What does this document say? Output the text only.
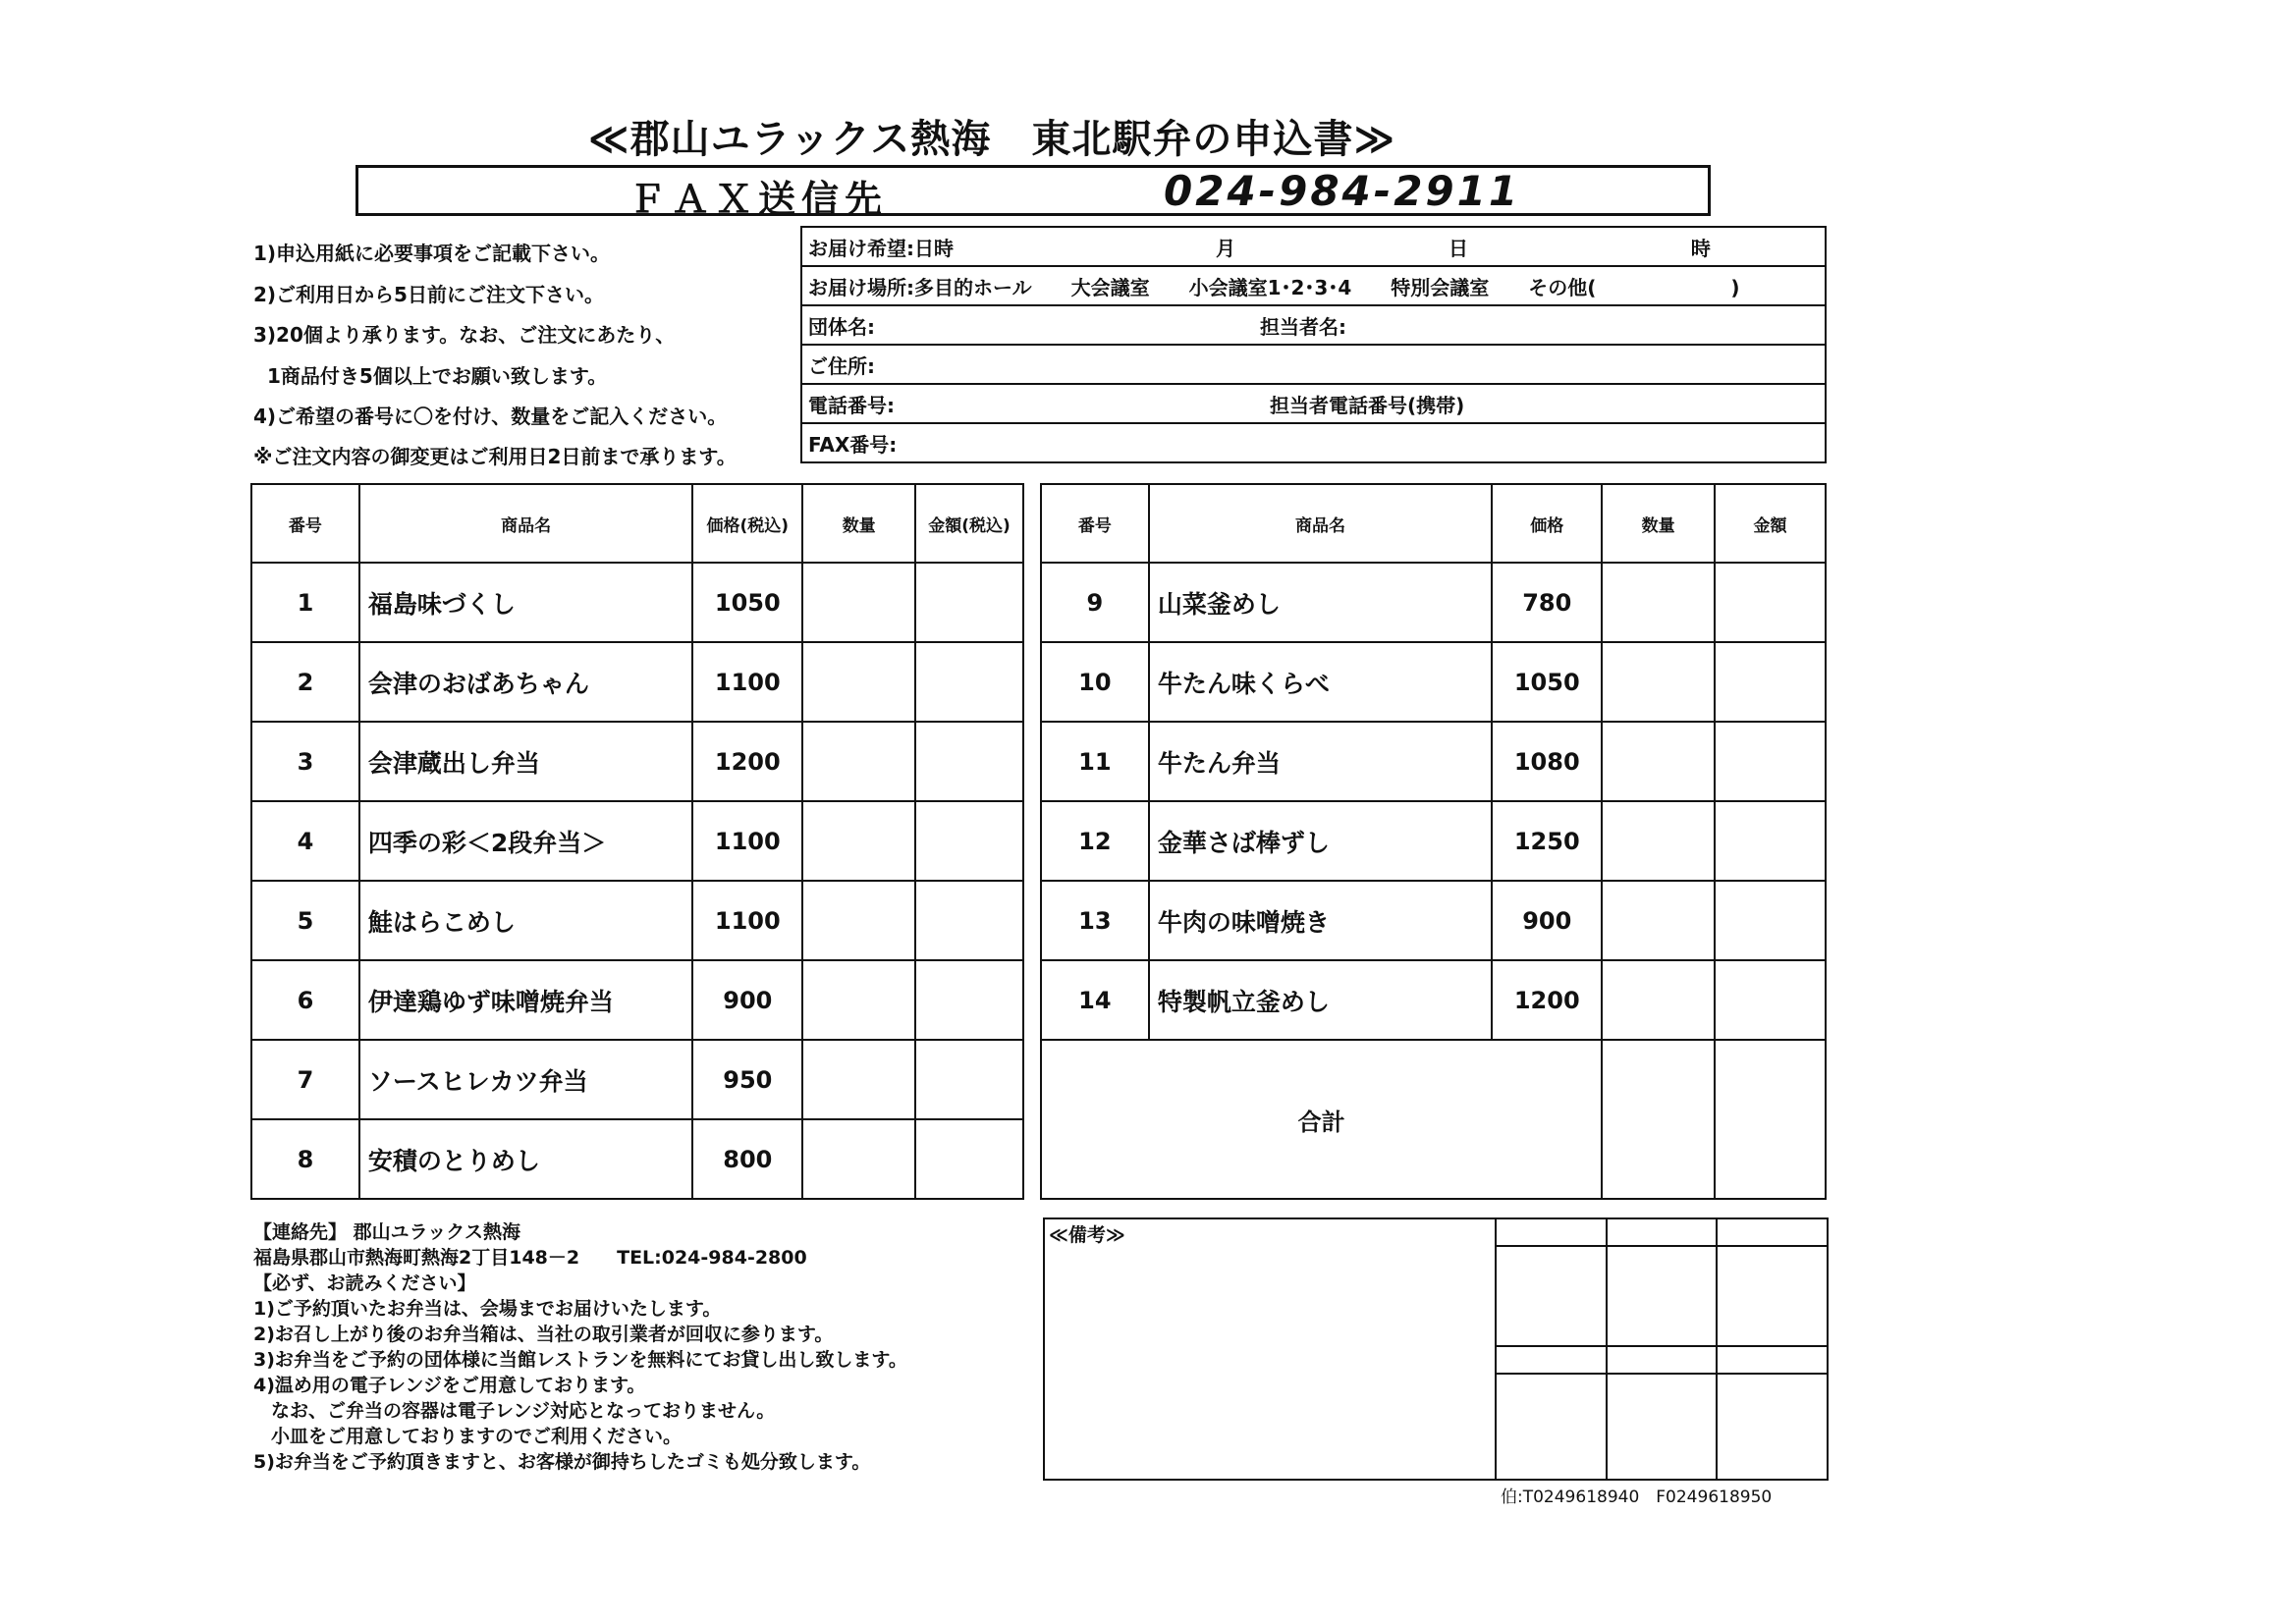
≪郡山ユラックス熱海　東北駅弁の申込書≫
ＦＡＸ送信先	024-984-2911
1)申込用紙に必要事項をご記載下さい。
2)ご利用日から5日前にご注文下さい。
3)20個より承ります。なお、ご注文にあたり、
1商品付き5個以上でお願い致します。
4)ご希望の番号に〇を付け、数量をご記入ください。
※ご注文内容の御変更はご利用日2日前まで承ります。
お届け希望:日時	月	日	時
お届け場所:多目的ホール　　大会議室　　小会議室1･2･3･4　　特別会議室　　その他(	)
団体名:	担当者名:
ご住所:
電話番号:	担当者電話番号(携帯)
FAX番号:
番号	商品名	価格(税込)	数量	金額(税込)		番号	商品名	価格	数量	金額
1	福島味づくし	1050				9	山菜釜めし	780		
2	会津のおばあちゃん	1100				10	牛たん味くらべ	1050		
3	会津蔵出し弁当	1200				11	牛たん弁当	1080		
4	四季の彩＜2段弁当＞	1100				12	金華さば棒ずし	1250		
5	鮭はらこめし	1100				13	牛肉の味噌焼き	900		
6	伊達鶏ゆず味噌焼弁当	900				14	特製帆立釜めし	1200		
7	ソースヒレカツ弁当	950				合計				
8	安積のとりめし	800								
【連絡先】 郡山ユラックス熱海
福島県郡山市熱海町熱海2丁目148－2　　TEL:024-984-2800
【必ず、お読みください】
1)ご予約頂いたお弁当は、会場までお届けいたします。
2)お召し上がり後のお弁当箱は、当社の取引業者が回収に参ります。
3)お弁当をご予約の団体様に当館レストランを無料にてお貸し出し致します。
4)温め用の電子レンジをご用意しております。
なお、ご弁当の容器は電子レンジ対応となっておりません。
小皿をご用意しておりますのでご利用ください。
5)お弁当をご予約頂きますと、お客様が御持ちしたゴミも処分致します。
≪備考≫

伯:T0249618940　F0249618950
